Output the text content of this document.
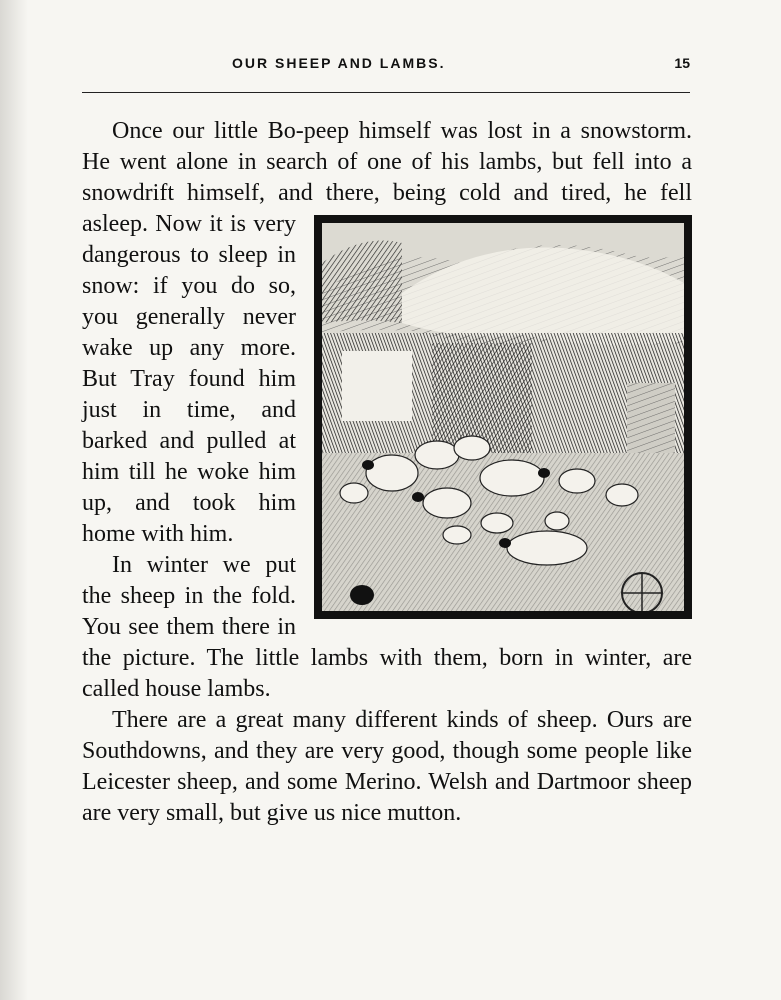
OUR SHEEP AND LAMBS.	15

Once our little Bo-peep himself was lost in a snowstorm. He went alone in search of one of his lambs, but fell into a snowdrift himself, and there, being cold and tired, he fell asleep. Now it is very
dangerous to sleep in snow: if you do so, you generally never wake up any more. But Tray found him just in time, and barked and pulled at him till he woke him up, and took him home with him.

In winter we put the sheep in the fold. You see them there in the picture. The little lambs with them, born in winter, are called house lambs.

There are a great many different kinds of sheep. Ours are Southdowns, and they are very good, though some people like Leicester sheep, and some Merino. Welsh and Dartmoor sheep are very small, but give us nice mutton.
